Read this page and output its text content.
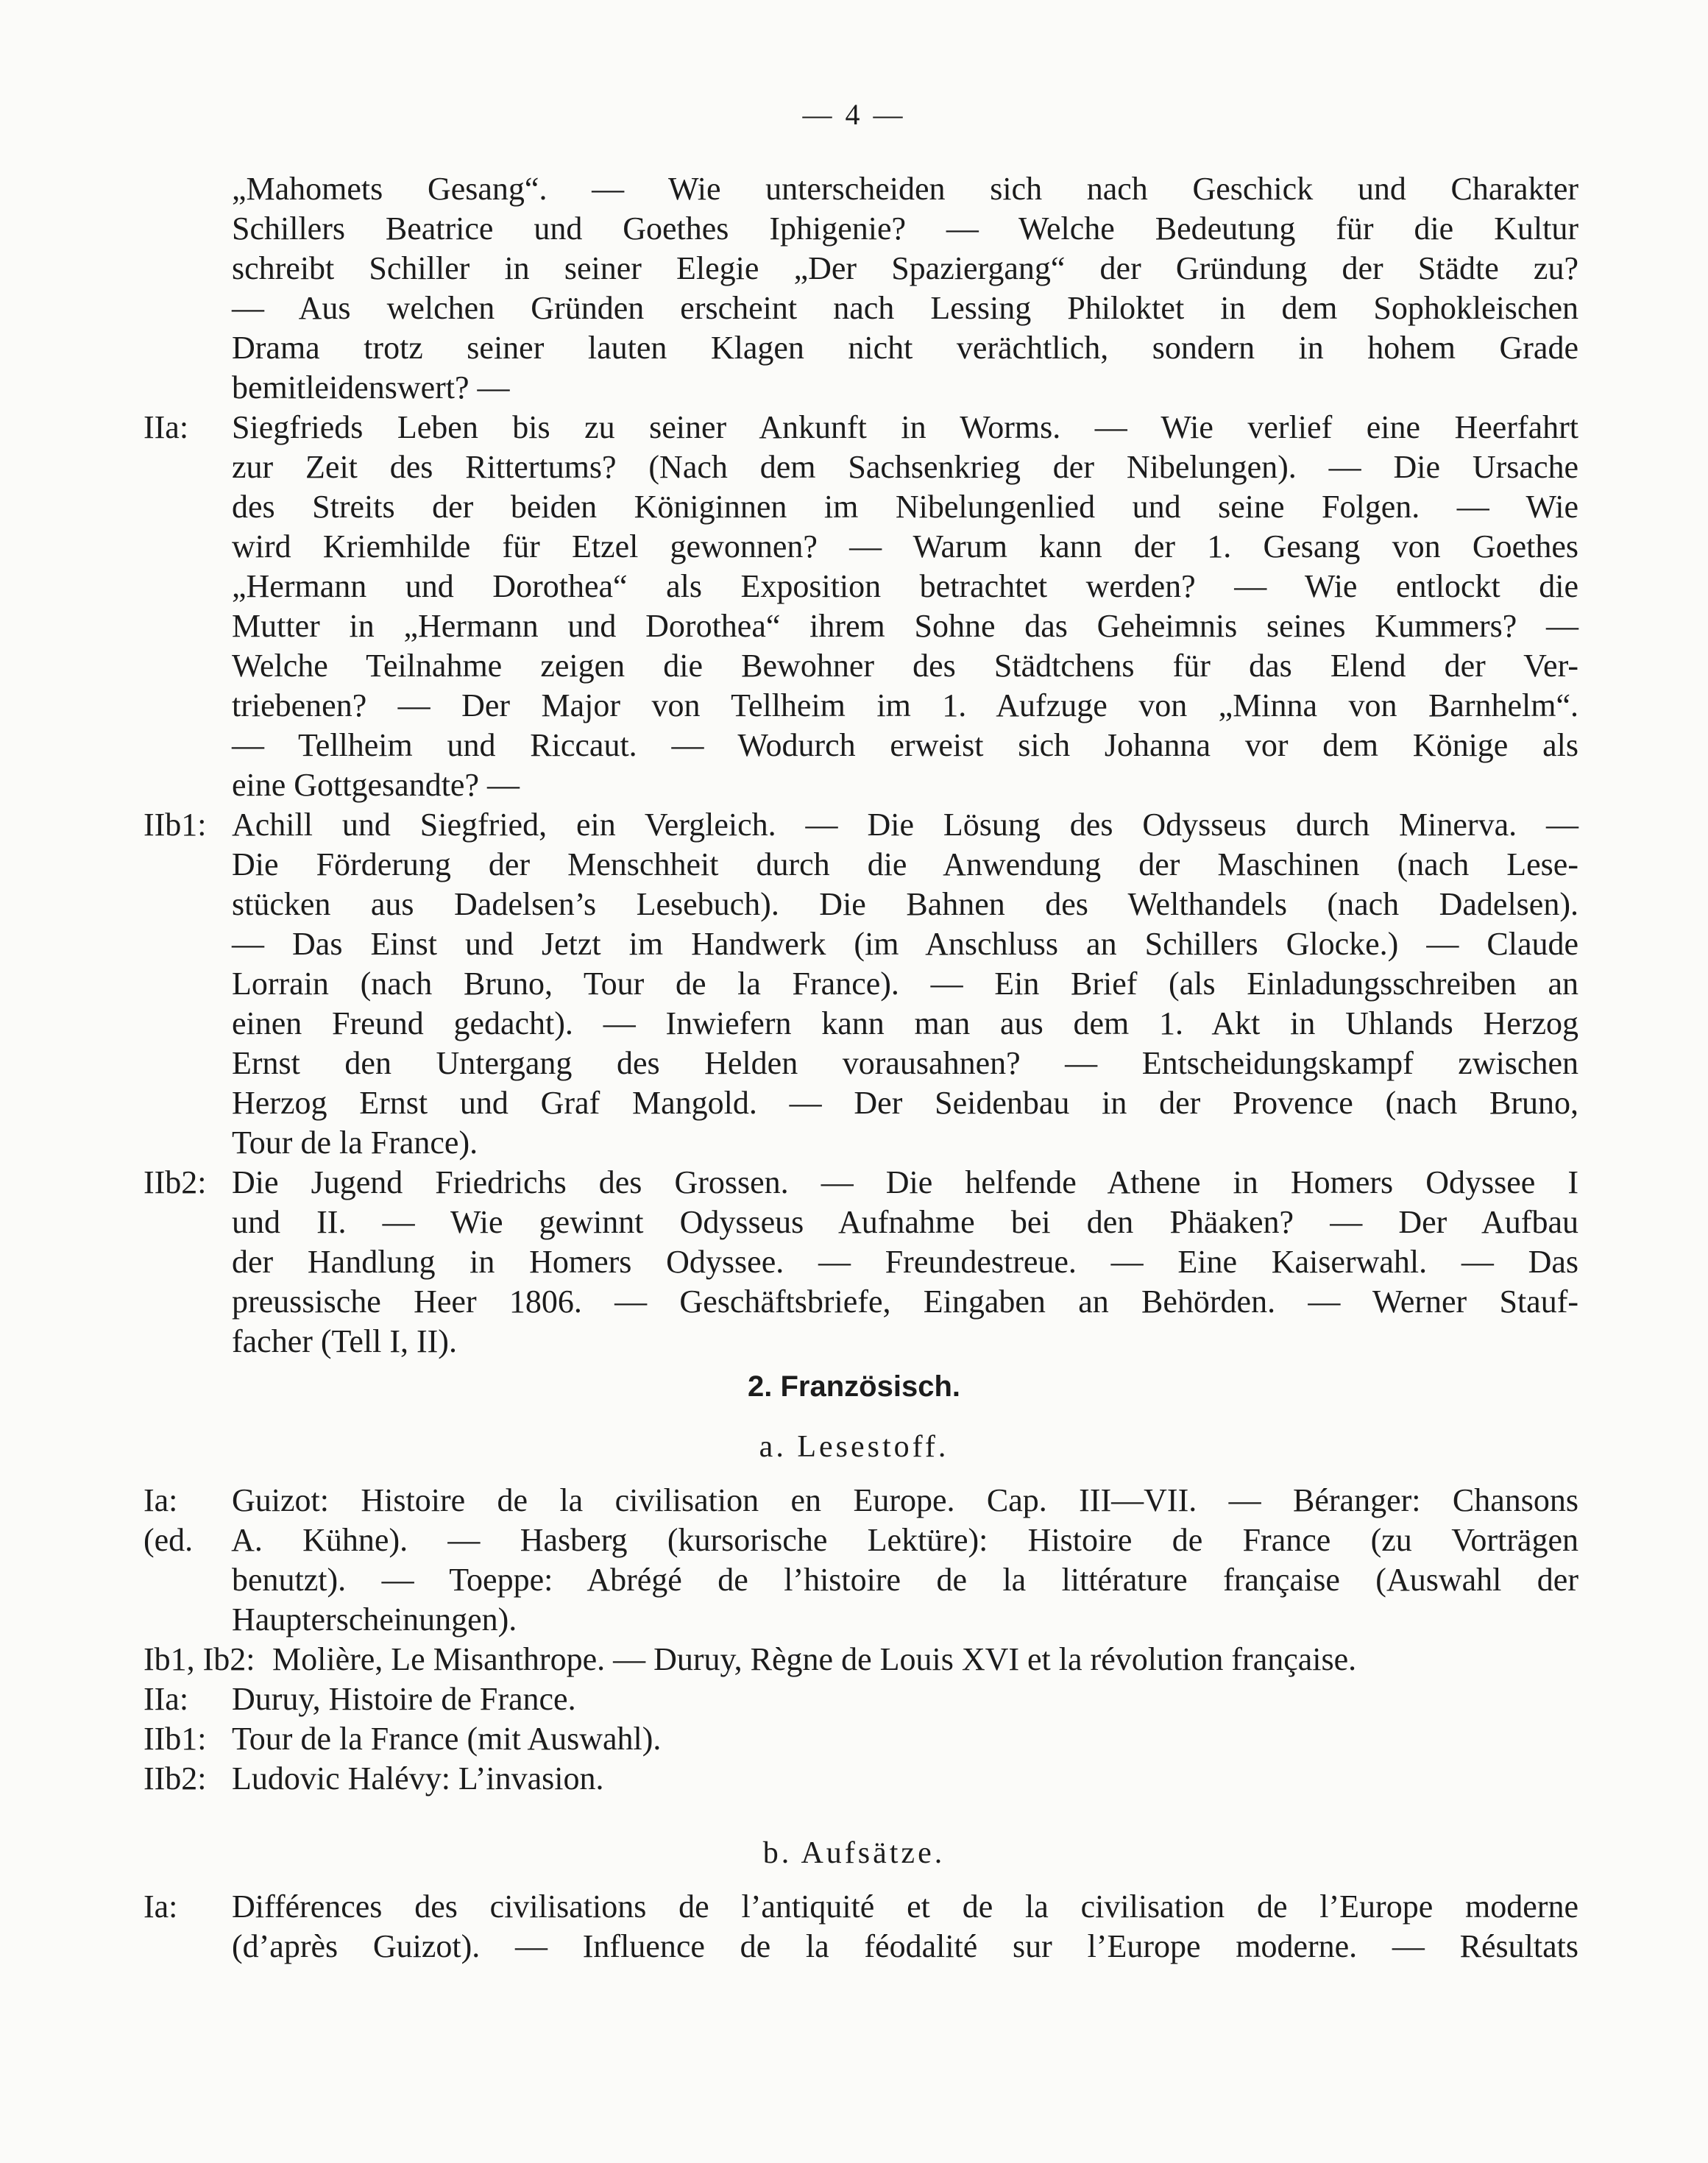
— 4 —
„Mahomets Gesang“. — Wie unterscheiden sich nach Geschick und Charakter
Schillers Beatrice und Goethes Iphigenie? — Welche Bedeutung für die Kultur
schreibt Schiller in seiner Elegie „Der Spaziergang“ der Gründung der Städte zu?
— Aus welchen Gründen erscheint nach Lessing Philoktet in dem Sophokleischen
Drama trotz seiner lauten Klagen nicht verächtlich, sondern in hohem Grade
bemitleidenswert? —
IIa: Siegfrieds Leben bis zu seiner Ankunft in Worms. — Wie verlief eine Heerfahrt
zur Zeit des Rittertums? (Nach dem Sachsenkrieg der Nibelungen). — Die Ursache
des Streits der beiden Königinnen im Nibelungenlied und seine Folgen. — Wie
wird Kriemhilde für Etzel gewonnen? — Warum kann der 1. Gesang von Goethes
„Hermann und Dorothea“ als Exposition betrachtet werden? — Wie entlockt die
Mutter in „Hermann und Dorothea“ ihrem Sohne das Geheimnis seines Kummers? —
Welche Teilnahme zeigen die Bewohner des Städtchens für das Elend der Ver-
triebenen? — Der Major von Tellheim im 1. Aufzuge von „Minna von Barnhelm“.
— Tellheim und Riccaut. — Wodurch erweist sich Johanna vor dem Könige als
eine Gottgesandte? —
IIb1: Achill und Siegfried, ein Vergleich. — Die Lösung des Odysseus durch Minerva. —
Die Förderung der Menschheit durch die Anwendung der Maschinen (nach Lese-
stücken aus Dadelsen’s Lesebuch). Die Bahnen des Welthandels (nach Dadelsen).
— Das Einst und Jetzt im Handwerk (im Anschluss an Schillers Glocke.) — Claude
Lorrain (nach Bruno, Tour de la France). — Ein Brief (als Einladungsschreiben an
einen Freund gedacht). — Inwiefern kann man aus dem 1. Akt in Uhlands Herzog
Ernst den Untergang des Helden vorausahnen? — Entscheidungskampf zwischen
Herzog Ernst und Graf Mangold. — Der Seidenbau in der Provence (nach Bruno,
Tour de la France).
IIb2: Die Jugend Friedrichs des Grossen. — Die helfende Athene in Homers Odyssee I
und II. — Wie gewinnt Odysseus Aufnahme bei den Phäaken? — Der Aufbau
der Handlung in Homers Odyssee. — Freundestreue. — Eine Kaiserwahl. — Das
preussische Heer 1806. — Geschäftsbriefe, Eingaben an Behörden. — Werner Stauf-
facher (Tell I, II).
2. Französisch.
a. Lesestoff.
Ia: Guizot: Histoire de la civilisation en Europe. Cap. III—VII. — Béranger: Chansons
(ed. A. Kühne). — Hasberg (kursorische Lektüre): Histoire de France (zu Vorträgen
benutzt). — Toeppe: Abrégé de l’histoire de la littérature française (Auswahl der
Haupterscheinungen).
Ib1, Ib2: Molière, Le Misanthrope. — Duruy, Règne de Louis XVI et la révolution française.
IIa: Duruy, Histoire de France.
IIb1: Tour de la France (mit Auswahl).
IIb2: Ludovic Halévy: L’invasion.
b. Aufsätze.
Ia: Différences des civilisations de l’antiquité et de la civilisation de l’Europe moderne
(d’après Guizot). — Influence de la féodalité sur l’Europe moderne. — Résultats
